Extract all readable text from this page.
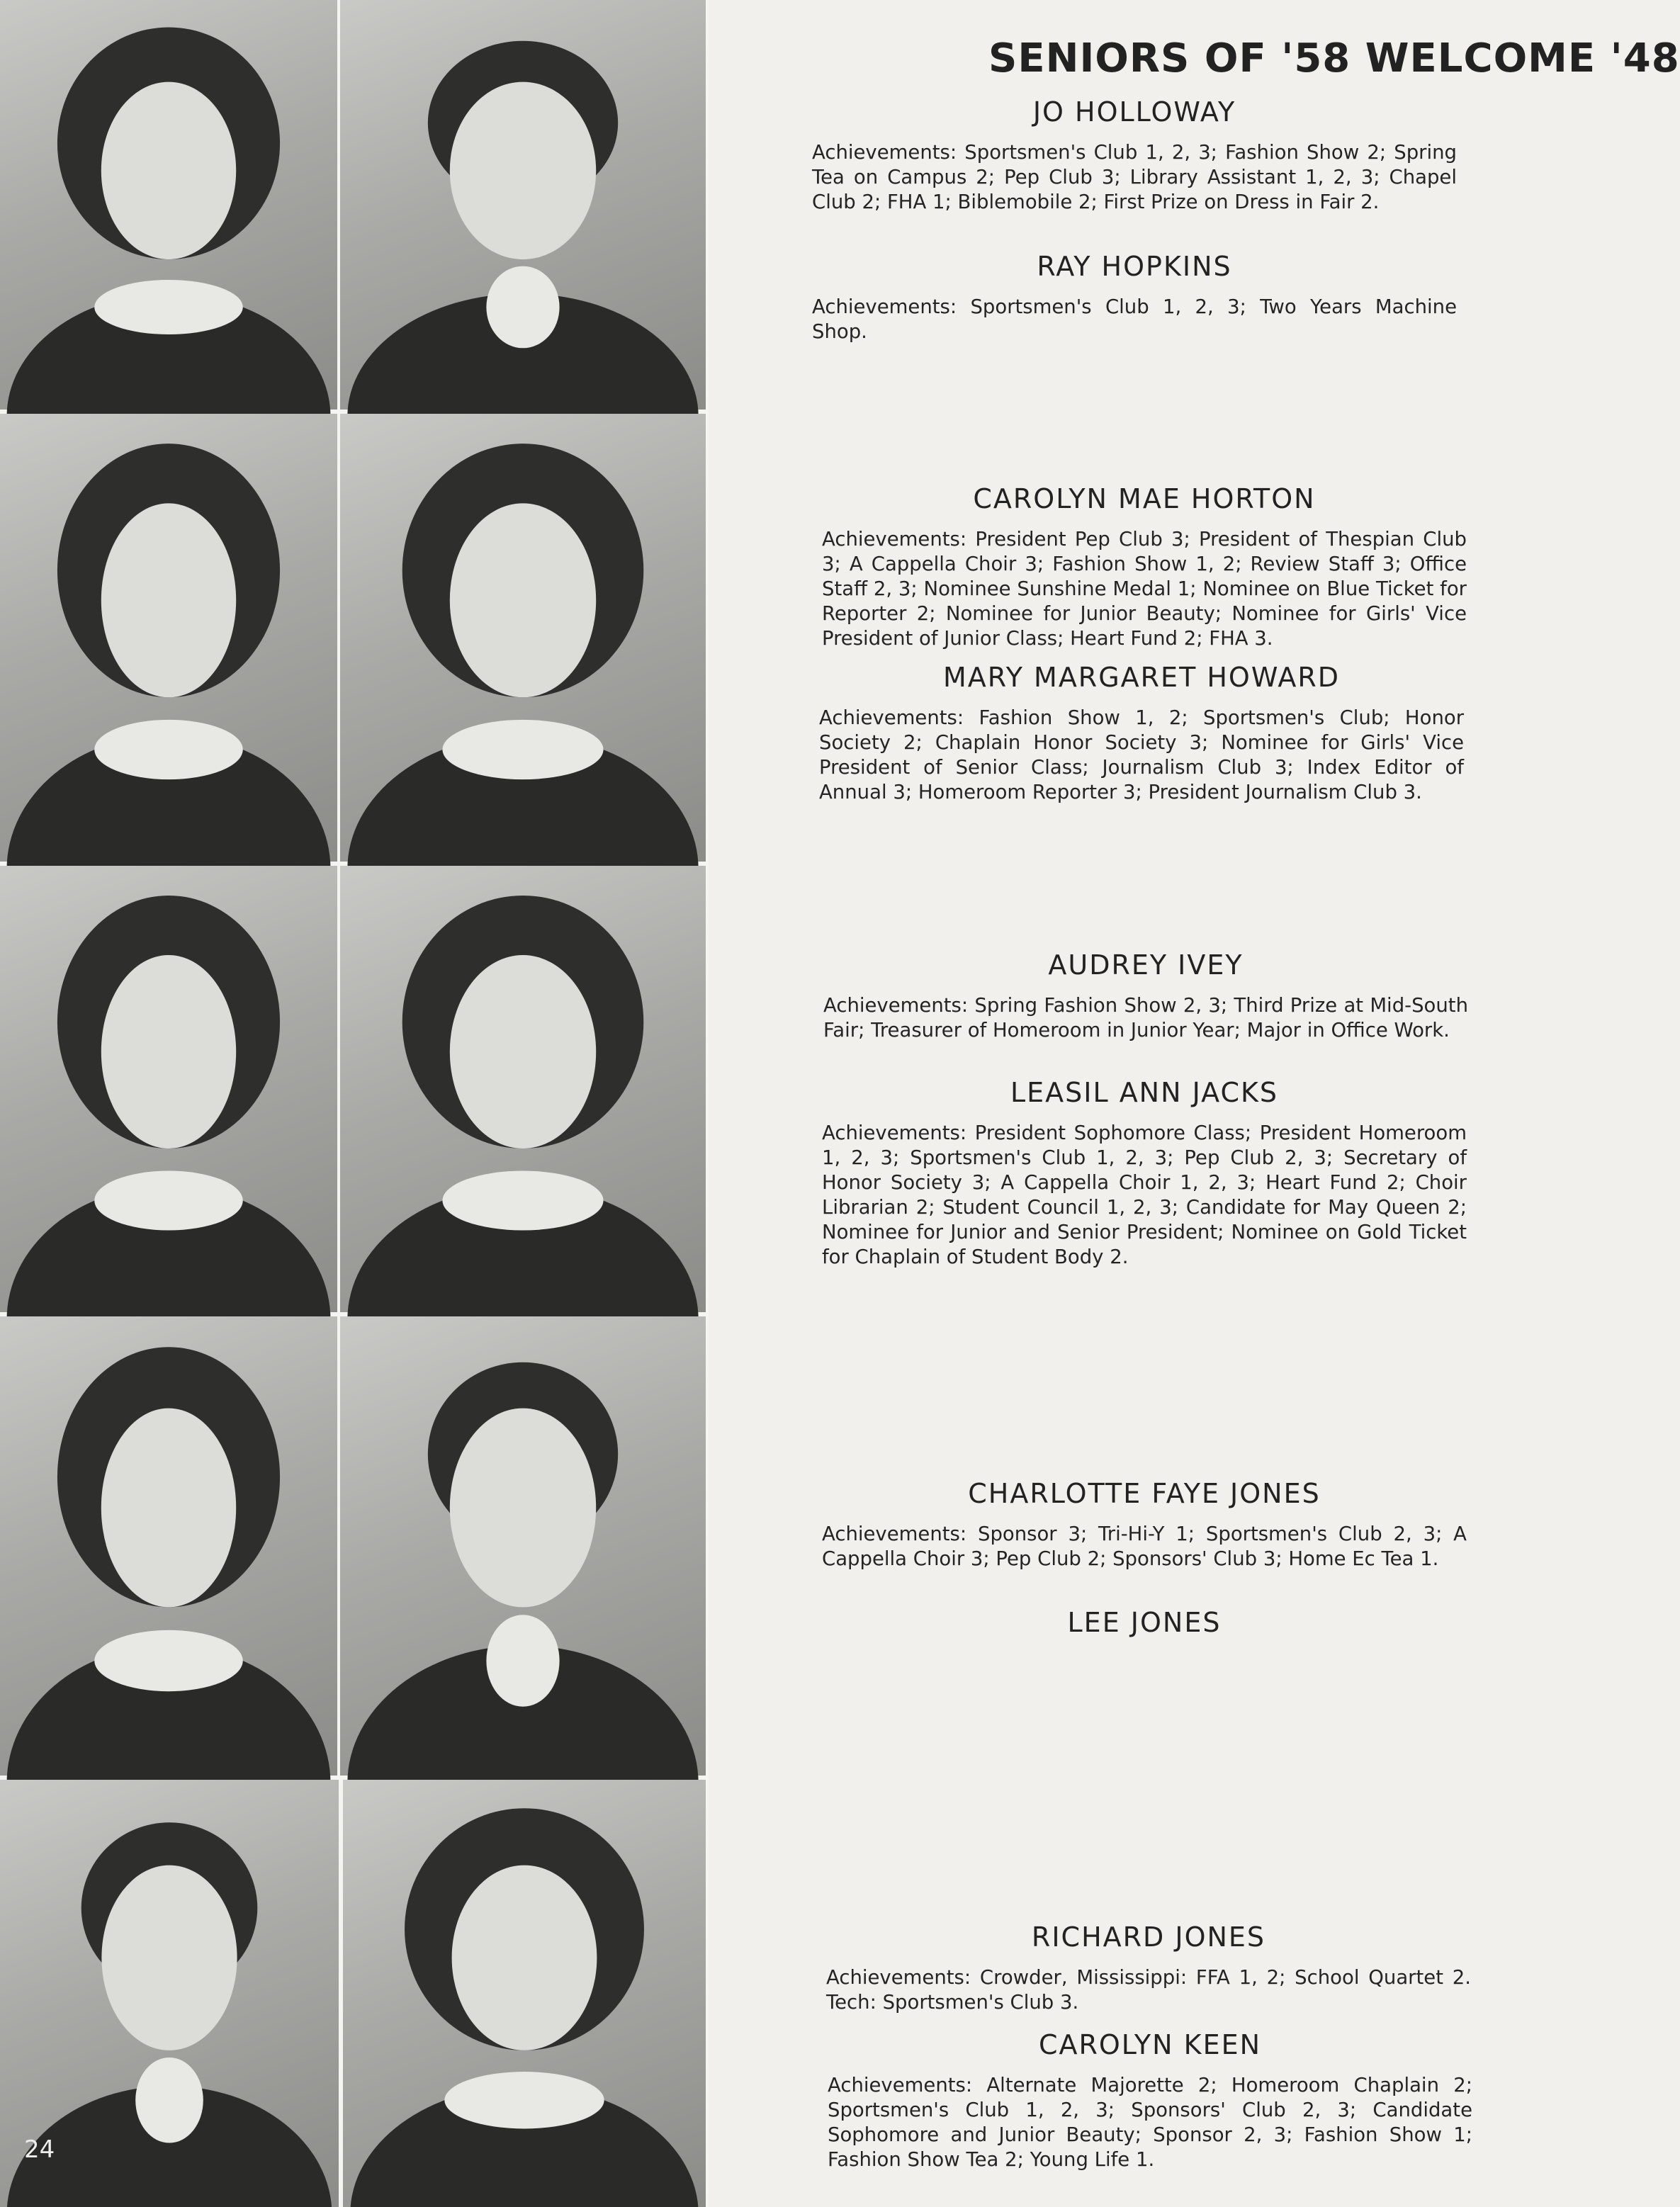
24
SENIORS OF '58 WELCOME '48

JO HOLLOWAY

Achievements: Sportsmen's Club 1, 2, 3; Fashion Show 2; Spring Tea on Campus 2; Pep Club 3; Library Assistant 1, 2, 3; Chapel Club 2; FHA 1; Biblemobile 2; First Prize on Dress in Fair 2.

RAY HOPKINS

Achievements: Sportsmen's Club 1, 2, 3; Two Years Machine Shop.

CAROLYN MAE HORTON

Achievements: President Pep Club 3; President of Thespian Club 3; A Cappella Choir 3; Fashion Show 1, 2; Review Staff 3; Office Staff 2, 3; Nominee Sunshine Medal 1; Nominee on Blue Ticket for Reporter 2; Nominee for Junior Beauty; Nominee for Girls' Vice President of Junior Class; Heart Fund 2; FHA 3.

MARY MARGARET HOWARD

Achievements: Fashion Show 1, 2; Sportsmen's Club; Honor Society 2; Chaplain Honor Society 3; Nominee for Girls' Vice President of Senior Class; Journalism Club 3; Index Editor of Annual 3; Homeroom Reporter 3; President Journalism Club 3.

AUDREY IVEY

Achievements: Spring Fashion Show 2, 3; Third Prize at Mid-South Fair; Treasurer of Homeroom in Junior Year; Major in Office Work.

LEASIL ANN JACKS

Achievements: President Sophomore Class; President Homeroom 1, 2, 3; Sportsmen's Club 1, 2, 3; Pep Club 2, 3; Secretary of Honor Society 3; A Cappella Choir 1, 2, 3; Heart Fund 2; Choir Librarian 2; Student Council 1, 2, 3; Candidate for May Queen 2; Nominee for Junior and Senior President; Nominee on Gold Ticket for Chaplain of Student Body 2.

CHARLOTTE FAYE JONES

Achievements: Sponsor 3; Tri-Hi-Y 1; Sportsmen's Club 2, 3; A Cappella Choir 3; Pep Club 2; Sponsors' Club 3; Home Ec Tea 1.

LEE JONES

RICHARD JONES

Achievements: Crowder, Mississippi: FFA 1, 2; School Quartet 2. Tech: Sportsmen's Club 3.

CAROLYN KEEN

Achievements: Alternate Majorette 2; Homeroom Chaplain 2; Sportsmen's Club 1, 2, 3; Sponsors' Club 2, 3; Candidate Sophomore and Junior Beauty; Sponsor 2, 3; Fashion Show 1; Fashion Show Tea 2; Young Life 1.
